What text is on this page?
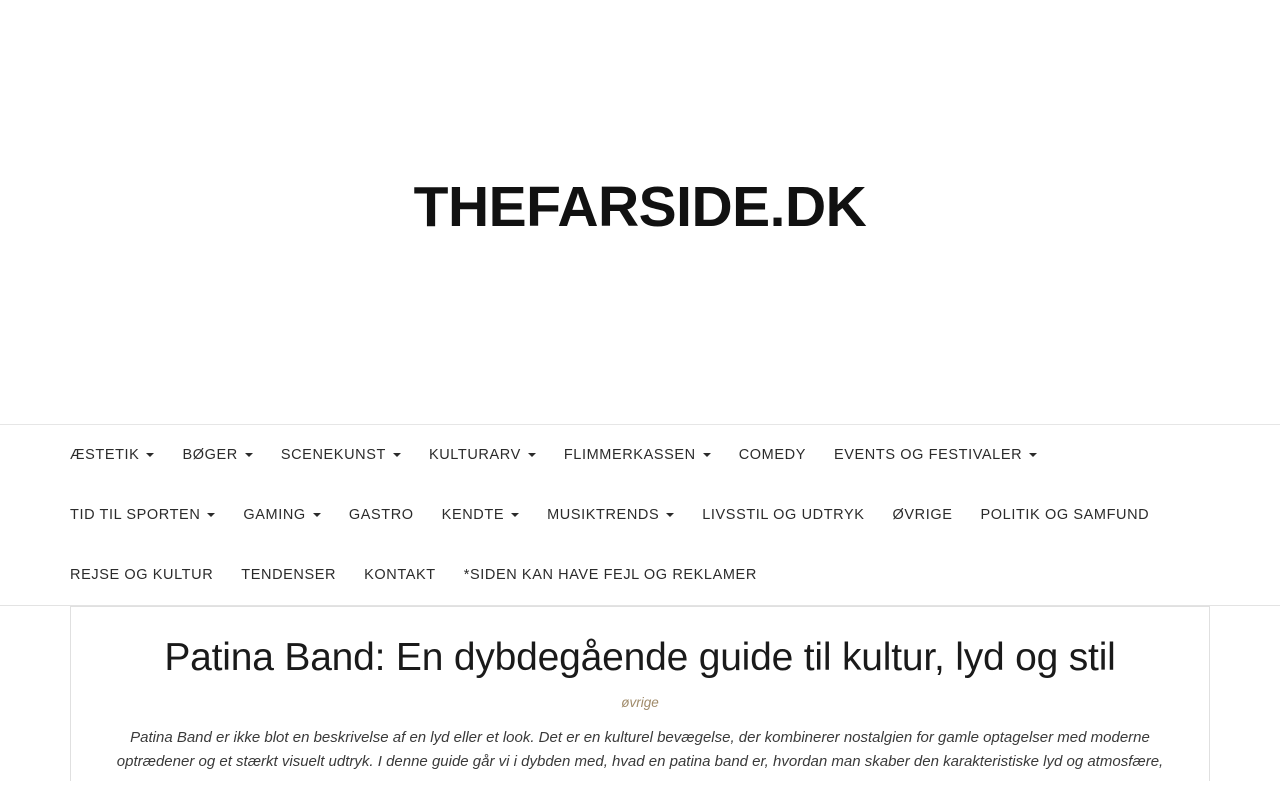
THEFARSIDE.DK
ÆSTETIK	BØGER	SCENEKUNST	KULTURARV	FLIMMERKASSEN	COMEDY EVENTS OG FESTIVALER
TID TIL SPORTEN	GAMING	GASTRO KENDTE	MUSIKTRENDS	LIVSSTIL OG UDTRYK ØVRIGE POLITIK OG SAMFUND
REJSE OG KULTUR TENDENSER KONTAKT *SIDEN KAN HAVE FEJL OG REKLAMER
Patina Band: En dybdegående guide til kultur, lyd og stil
øvrige

Patina Band er ikke blot en beskrivelse af en lyd eller et look. Det er en kulturel bevægelse, der kombinerer nostalgien for gamle optagelser med moderne optrædener og et stærkt visuelt udtryk. I denne guide går vi i dybden med, hvad en patina band er, hvordan man skaber den karakteristiske lyd og atmosfære,
